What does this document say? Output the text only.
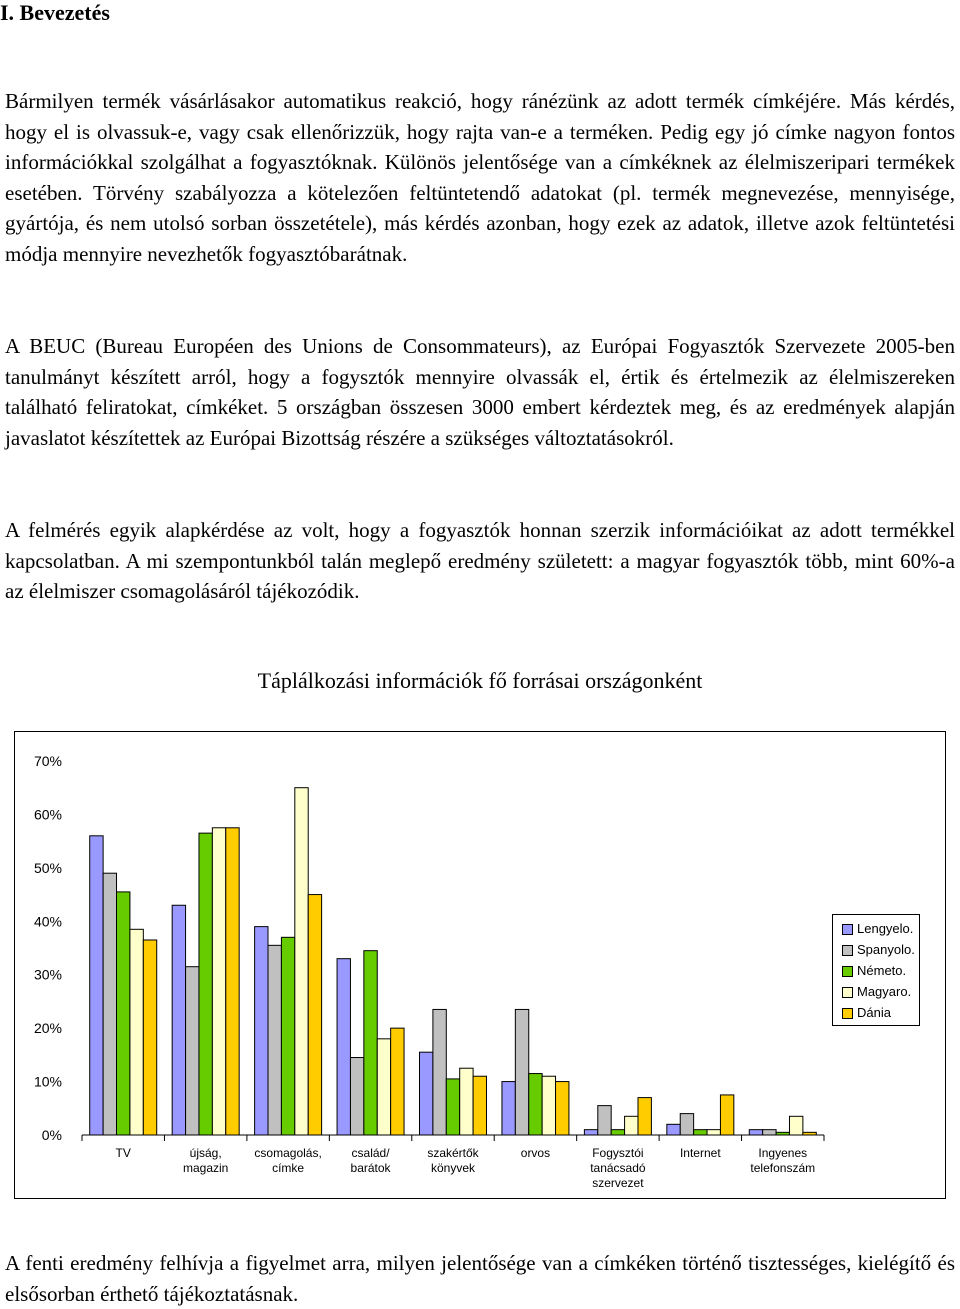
I. Bevezetés

Bármilyen termék vásárlásakor automatikus reakció, hogy ránézünk az adott termék címkéjére. Más kérdés, hogy el is olvassuk-e, vagy csak ellenőrizzük, hogy rajta van-e a terméken. Pedig egy jó címke nagyon fontos információkkal szolgálhat a fogyasztóknak. Különös jelentősége van a címkéknek az élelmiszeripari termékek esetében. Törvény szabályozza a kötelezően feltüntetendő adatokat (pl. termék megnevezése, mennyisége, gyártója, és nem utolsó sorban összetétele), más kérdés azonban, hogy ezek az adatok, illetve azok feltüntetési módja mennyire nevezhetők fogyasztóbarátnak.

A BEUC (Bureau Européen des Unions de Consommateurs), az Európai Fogyasztók Szervezete 2005-ben tanulmányt készített arról, hogy a fogysztók mennyire olvassák el, értik és értelmezik az élelmiszereken található feliratokat, címkéket. 5 országban összesen 3000 embert kérdeztek meg, és az eredmények alapján javaslatot készítettek az Európai Bizottság részére a szükséges változtatásokról.

A felmérés egyik alapkérdése az volt, hogy a fogyasztók honnan szerzik információikat az adott termékkel kapcsolatban. A mi szempontunkból talán meglepő eredmény született: a magyar fogyasztók több, mint 60%-a az élelmiszer csomagolásáról tájékozódik.

Táplálkozási információk fő forrásai országonként

0%
10%
20%
30%
40%
50%
60%
70%
TV	újság,
magazin
csomagolás,
címke
család/
barátok
szakértők
könyvek
orvos	Fogysztói
tanácsadó
szervezet
Internet	Ingyenes
telefonszám
Lengyelo.
Spanyolo.
Németo.
Magyaro.
Dánia

A fenti eredmény felhívja a figyelmet arra, milyen jelentősége van a címkéken történő tisztességes, kielégítő és elsősorban érthető tájékoztatásnak.
